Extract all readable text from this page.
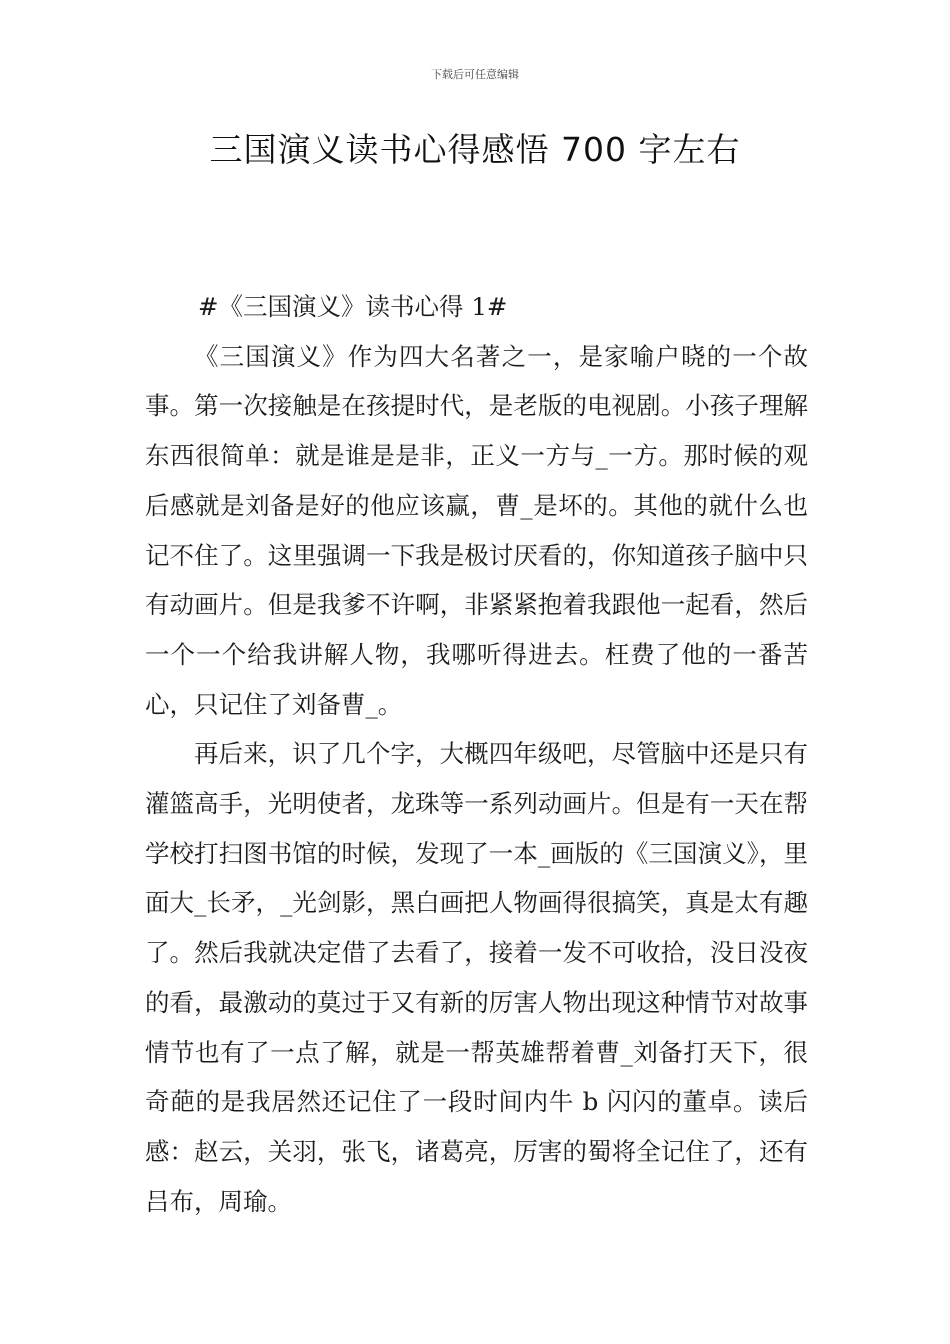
下载后可任意编辑
三国演义读书心得感悟 700 字左右

#《三国演义》读书心得 1#

《三国演义》作为四大名著之一，是家喻户晓的一个故事。第一次接触是在孩提时代，是老版的电视剧。小孩子理解东西很简单：就是谁是是非，正义一方与_一方。那时候的观后感就是刘备是好的他应该赢，曹_是坏的。其他的就什么也记不住了。这里强调一下我是极讨厌看的，你知道孩子脑中只有动画片。但是我爹不许啊，非紧紧抱着我跟他一起看，然后一个一个给我讲解人物，我哪听得进去。枉费了他的一番苦心，只记住了刘备曹_。

再后来，识了几个字，大概四年级吧，尽管脑中还是只有灌篮高手，光明使者，龙珠等一系列动画片。但是有一天在帮学校打扫图书馆的时候，发现了一本_画版的《三国演义》，里面大_长矛，_光剑影，黑白画把人物画得很搞笑，真是太有趣了。然后我就决定借了去看了，接着一发不可收拾，没日没夜的看，最激动的莫过于又有新的厉害人物出现这种情节对故事情节也有了一点了解，就是一帮英雄帮着曹_刘备打天下，很奇葩的是我居然还记住了一段时间内牛 b 闪闪的董卓。读后感：赵云，关羽，张飞，诸葛亮，厉害的蜀将全记住了，还有吕布，周瑜。
